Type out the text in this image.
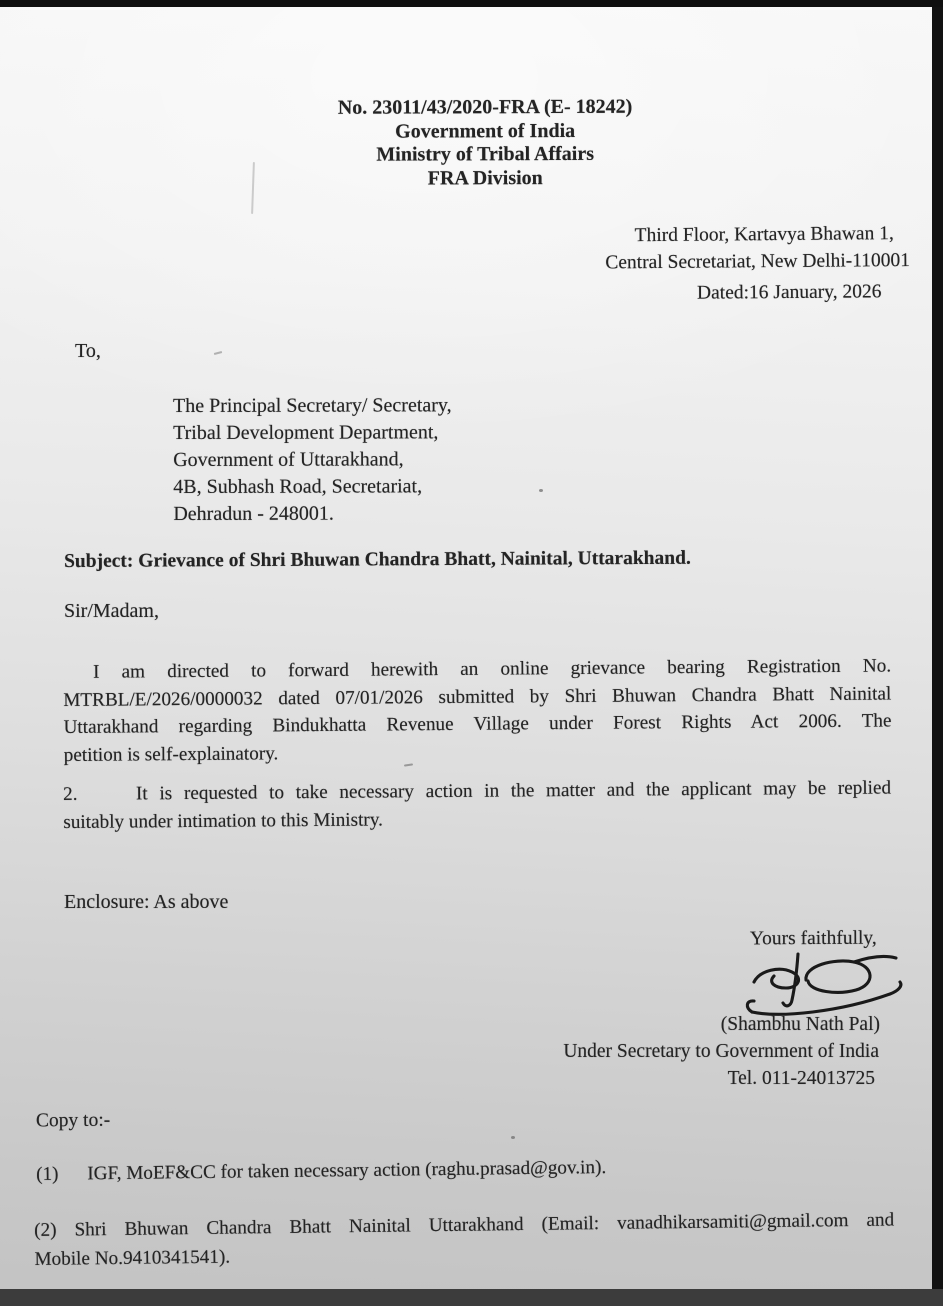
No. 23011/43/2020-FRA (E- 18242)
Government of India
Ministry of Tribal Affairs
FRA Division
Third Floor, Kartavya Bhawan 1,
Central Secretariat, New Delhi-110001
Dated:16 January, 2026
To,
The Principal Secretary/ Secretary,
Tribal Development Department,
Government of Uttarakhand,
4B, Subhash Road, Secretariat,
Dehradun - 248001.
Subject: Grievance of Shri Bhuwan Chandra Bhatt, Nainital, Uttarakhand.
Sir/Madam,
I am directed to forward herewith an online grievance bearing Registration No.
MTRBL/E/2026/0000032 dated 07/01/2026 submitted by Shri Bhuwan Chandra Bhatt Nainital
Uttarakhand regarding Bindukhatta Revenue Village under Forest Rights Act 2006. The
petition is self-explainatory.
2.     It is requested to take necessary action in the matter and the applicant may be replied
suitably under intimation to this Ministry.
Enclosure: As above
Yours faithfully,
(Shambhu Nath Pal)
Under Secretary to Government of India
Tel. 011-24013725
Copy to:-
(1)      IGF, MoEF&CC for taken necessary action (raghu.prasad@gov.in).
(2) Shri Bhuwan Chandra Bhatt Nainital Uttarakhand (Email: vanadhikarsamiti@gmail.com and
Mobile No.9410341541).
